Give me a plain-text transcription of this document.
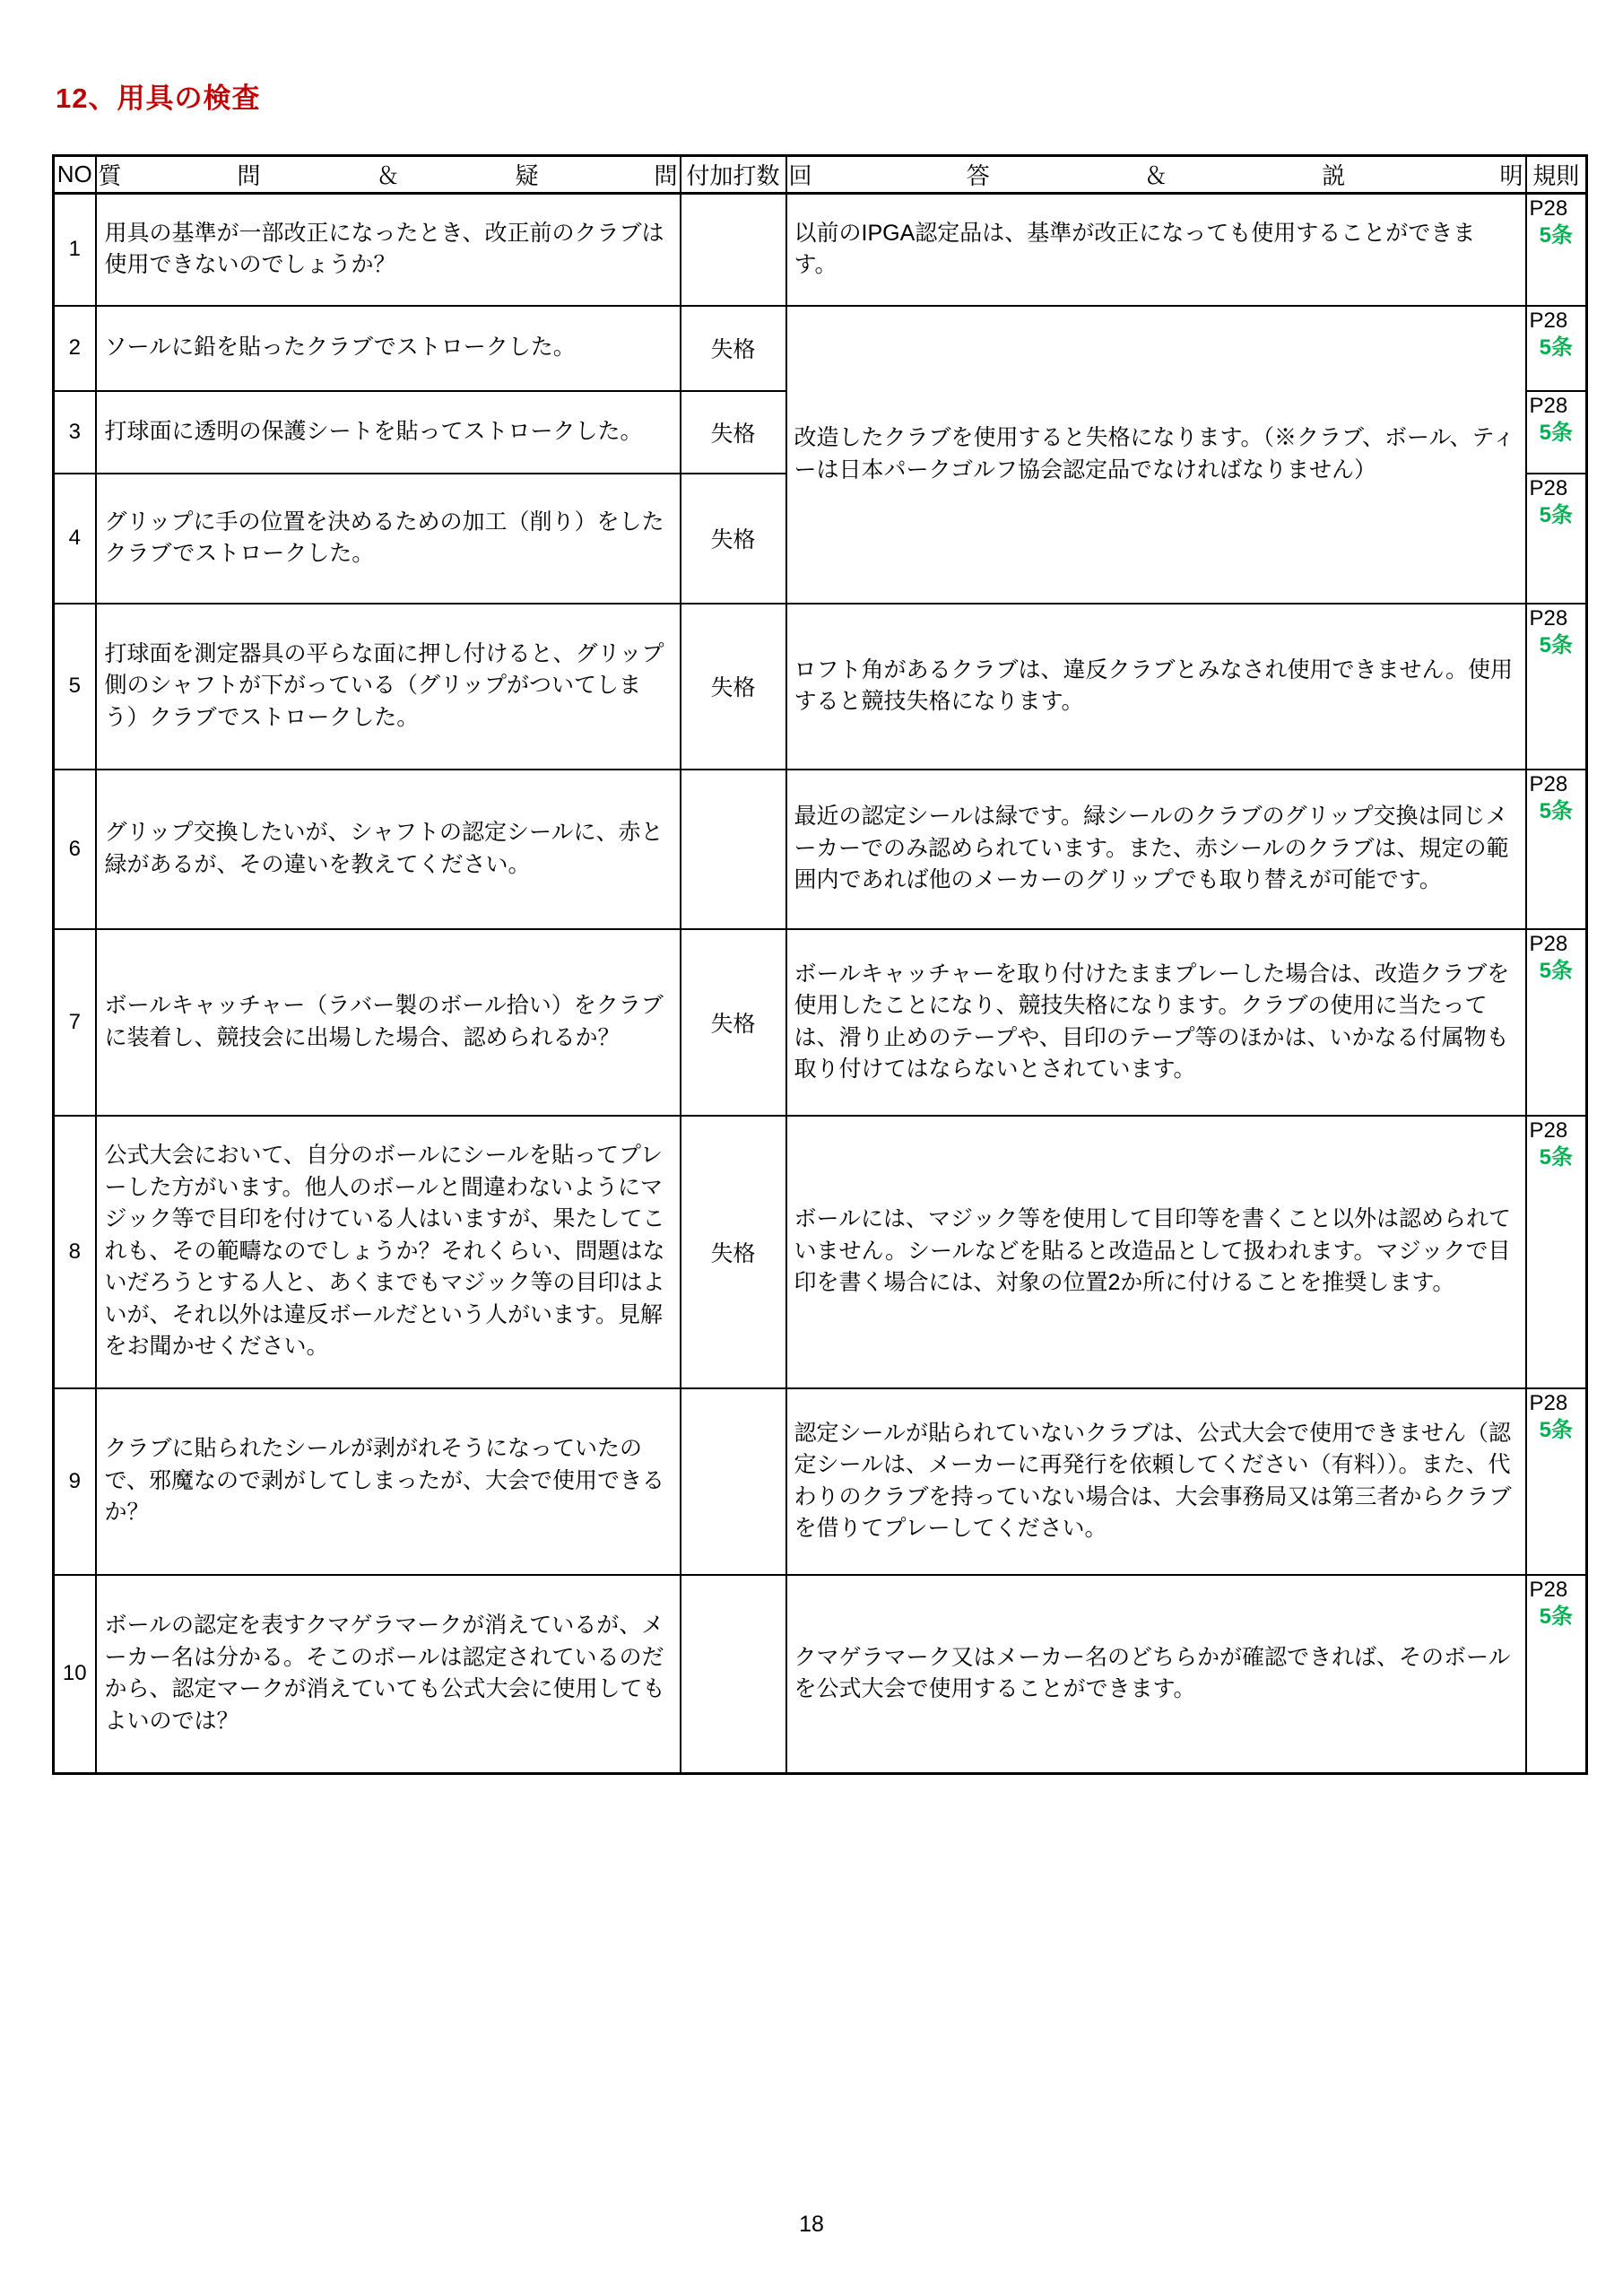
12、用具の検査
NO	質問＆疑問	付加打数	回答＆説明	規則
1	用具の基準が一部改正になったとき、改正前のクラブは使用できないのでしょうか？		以前のIPGA認定品は、基準が改正になっても使用することができます。	P28
5条

2	ソールに鉛を貼ったクラブでストロークした。	失格	改造したクラブを使用すると失格になります。（※クラブ、ボール、ティーは日本パークゴルフ協会認定品でなければなりません）	P28
5条

3	打球面に透明の保護シートを貼ってストロークした。	失格		P28
5条

4	グリップに手の位置を決めるための加工（削り）をしたクラブでストロークした。	失格		P28
5条

5	打球面を測定器具の平らな面に押し付けると、グリップ側のシャフトが下がっている（グリップがついてしまう）クラブでストロークした。	失格	ロフト角があるクラブは、違反クラブとみなされ使用できません。使用すると競技失格になります。	P28
5条

6	グリップ交換したいが、シャフトの認定シールに、赤と緑があるが、その違いを教えてください。		最近の認定シールは緑です。緑シールのクラブのグリップ交換は同じメーカーでのみ認められています。また、赤シールのクラブは、規定の範囲内であれば他のメーカーのグリップでも取り替えが可能です。	P28
5条

7	ボールキャッチャー（ラバー製のボール拾い）をクラブに装着し、競技会に出場した場合、認められるか？	失格	ボールキャッチャーを取り付けたままプレーした場合は、改造クラブを使用したことになり、競技失格になります。クラブの使用に当たっては、滑り止めのテープや、目印のテープ等のほかは、いかなる付属物も取り付けてはならないとされています。	P28
5条

8	公式大会において、自分のボールにシールを貼ってプレーした方がいます。他人のボールと間違わないようにマジック等で目印を付けている人はいますが、果たしてこれも、その範疇なのでしょうか？それくらい、問題はないだろうとする人と、あくまでもマジック等の目印はよいが、それ以外は違反ボールだという人がいます。見解をお聞かせください。	失格	ボールには、マジック等を使用して目印等を書くこと以外は認められていません。シールなどを貼ると改造品として扱われます。マジックで目印を書く場合には、対象の位置2か所に付けることを推奨します。	P28
5条

9	クラブに貼られたシールが剥がれそうになっていたので、邪魔なので剥がしてしまったが、大会で使用できるか？		認定シールが貼られていないクラブは、公式大会で使用できません（認定シールは、メーカーに再発行を依頼してください（有料））。また、代わりのクラブを持っていない場合は、大会事務局又は第三者からクラブを借りてプレーしてください。	P28
5条

10	ボールの認定を表すクマゲラマークが消えているが、メーカー名は分かる。そこのボールは認定されているのだから、認定マークが消えていても公式大会に使用してもよいのでは？		クマゲラマーク又はメーカー名のどちらかが確認できれば、そのボールを公式大会で使用することができます。	P28
5条
18
